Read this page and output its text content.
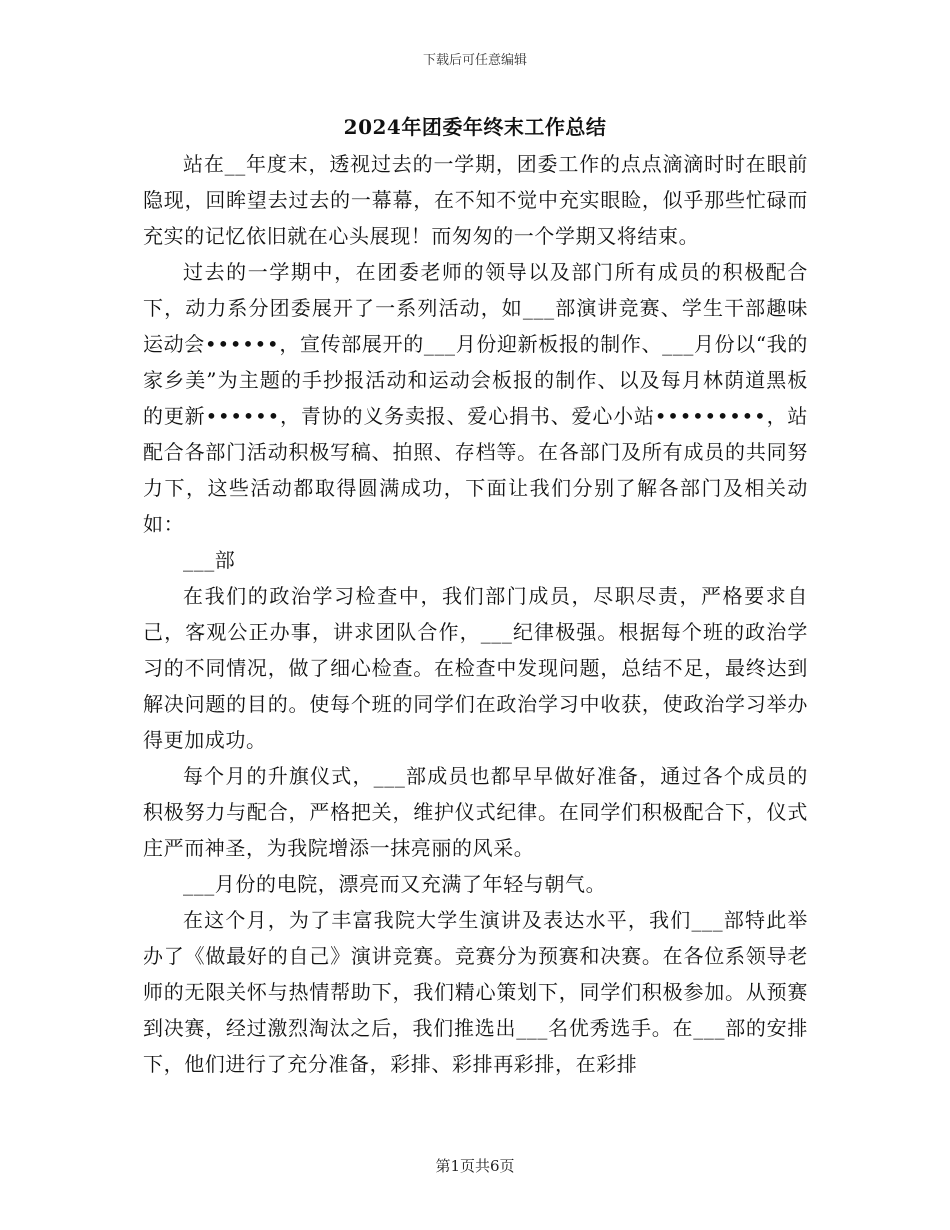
下载后可任意编辑
2024年团委年终末工作总结

站在__年度末，透视过去的一学期，团委工作的点点滴滴时时在眼前隐现，回眸望去过去的一幕幕，在不知不觉中充实眼睑，似乎那些忙碌而充实的记忆依旧就在心头展现！而匆匆的一个学期又将结束。

过去的一学期中，在团委老师的领导以及部门所有成员的积极配合下，动力系分团委展开了一系列活动，如___部演讲竞赛、学生干部趣味运动会••••••，宣传部展开的___月份迎新板报的制作、___月份以“我的家乡美”为主题的手抄报活动和运动会板报的制作、以及每月林荫道黑板的更新••••••，青协的义务卖报、爱心捐书、爱心小站•••••••••，站配合各部门活动积极写稿、拍照、存档等。在各部门及所有成员的共同努力下，这些活动都取得圆满成功，下面让我们分别了解各部门及相关动如：

___部

在我们的政治学习检查中，我们部门成员，尽职尽责，严格要求自己，客观公正办事，讲求团队合作，___纪律极强。根据每个班的政治学习的不同情况，做了细心检查。在检查中发现问题，总结不足，最终达到解决问题的目的。使每个班的同学们在政治学习中收获，使政治学习举办得更加成功。

每个月的升旗仪式，___部成员也都早早做好准备，通过各个成员的积极努力与配合，严格把关，维护仪式纪律。在同学们积极配合下，仪式庄严而神圣，为我院增添一抹亮丽的风采。

___月份的电院，漂亮而又充满了年轻与朝气。

在这个月，为了丰富我院大学生演讲及表达水平，我们___部特此举办了《做最好的自己》演讲竞赛。竞赛分为预赛和决赛。在各位系领导老师的无限关怀与热情帮助下，我们精心策划下，同学们积极参加。从预赛到决赛，经过激烈淘汰之后，我们推选出___名优秀选手。在___部的安排下，他们进行了充分准备，彩排、彩排再彩排，在彩排

第1页共6页
